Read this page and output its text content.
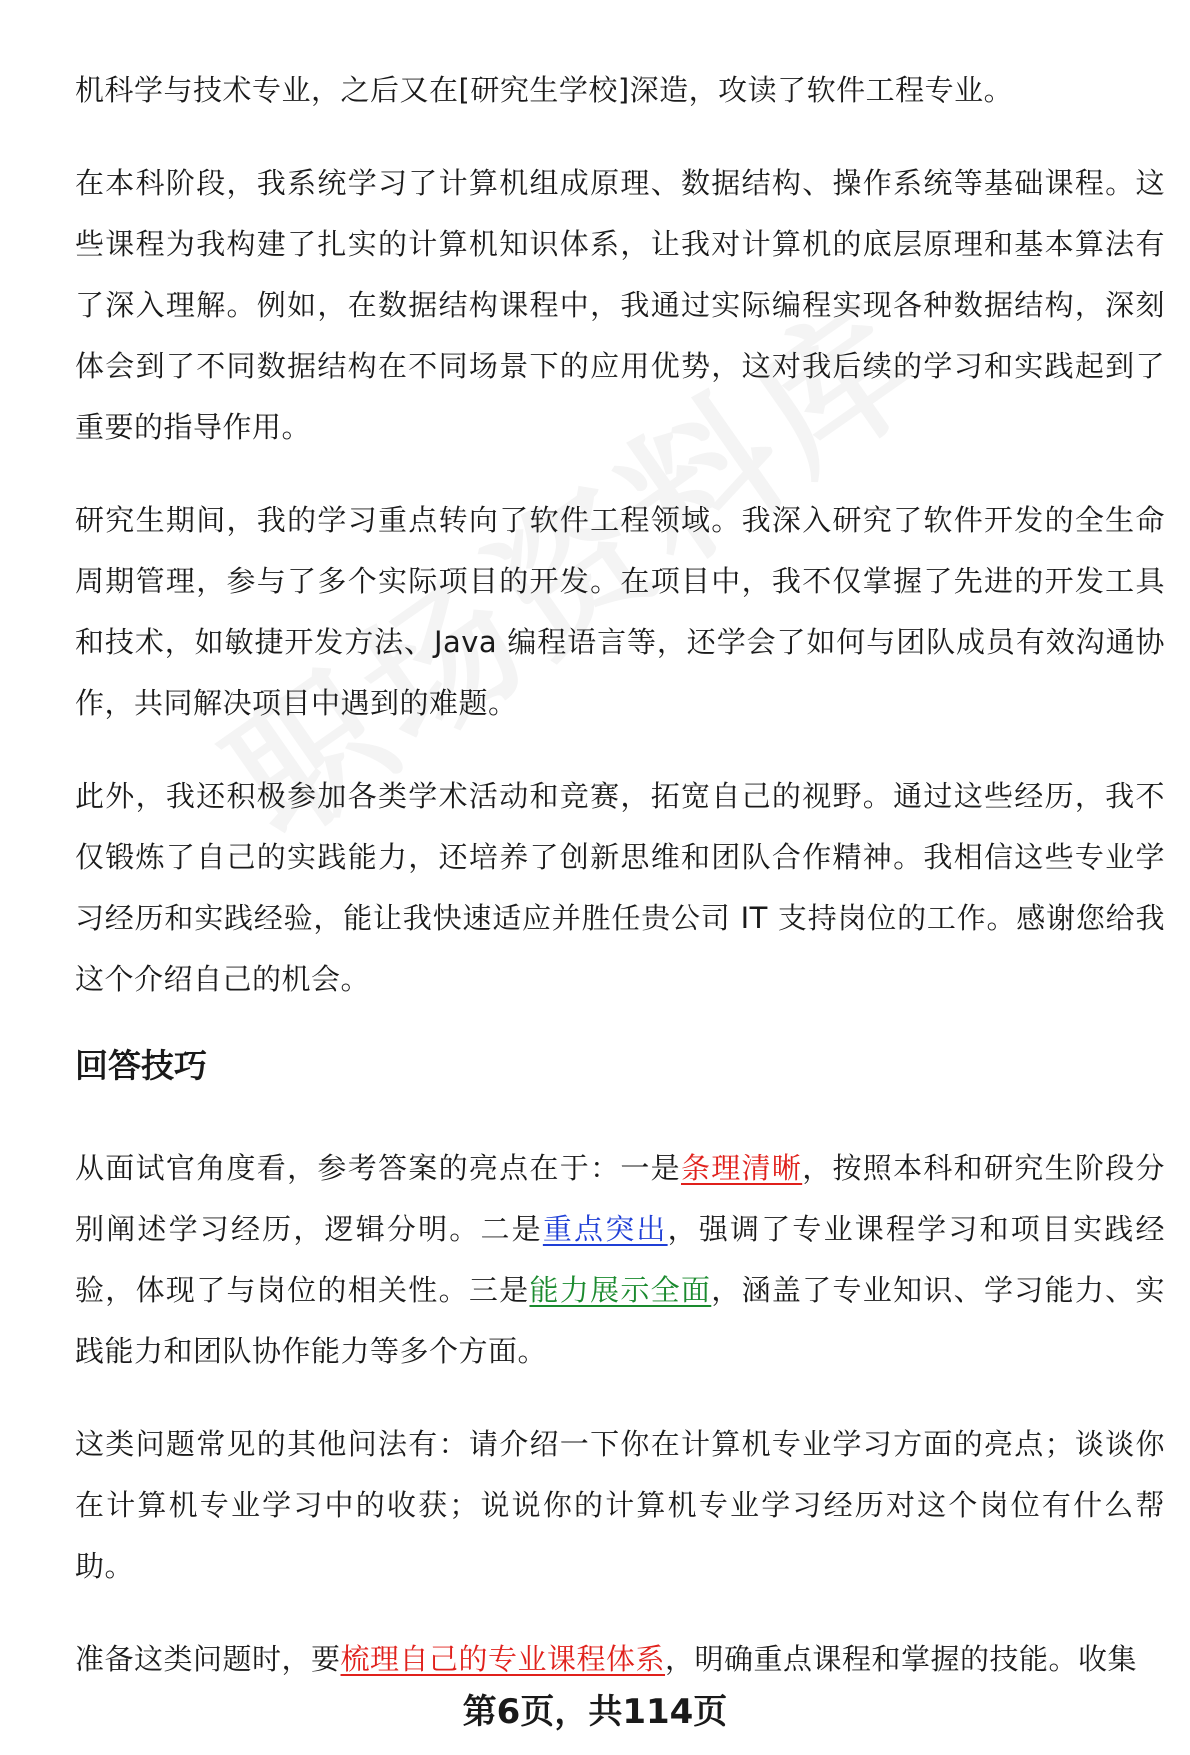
机科学与技术专业，之后又在[研究生学校]深造，攻读了软件工程专业。

在本科阶段，我系统学习了计算机组成原理、数据结构、操作系统等基础课程。这些课程为我构建了扎实的计算机知识体系，让我对计算机的底层原理和基本算法有了深入理解。例如，在数据结构课程中，我通过实际编程实现各种数据结构，深刻体会到了不同数据结构在不同场景下的应用优势，这对我后续的学习和实践起到了重要的指导作用。

研究生期间，我的学习重点转向了软件工程领域。我深入研究了软件开发的全生命周期管理，参与了多个实际项目的开发。在项目中，我不仅掌握了先进的开发工具和技术，如敏捷开发方法、Java 编程语言等，还学会了如何与团队成员有效沟通协作，共同解决项目中遇到的难题。

此外，我还积极参加各类学术活动和竞赛，拓宽自己的视野。通过这些经历，我不仅锻炼了自己的实践能力，还培养了创新思维和团队合作精神。我相信这些专业学习经历和实践经验，能让我快速适应并胜任贵公司 IT 支持岗位的工作。感谢您给我这个介绍自己的机会。

回答技巧

从面试官角度看，参考答案的亮点在于：一是条理清晰，按照本科和研究生阶段分别阐述学习经历，逻辑分明。二是重点突出，强调了专业课程学习和项目实践经验，体现了与岗位的相关性。三是能力展示全面，涵盖了专业知识、学习能力、实践能力和团队协作能力等多个方面。

这类问题常见的其他问法有：请介绍一下你在计算机专业学习方面的亮点；谈谈你在计算机专业学习中的收获；说说你的计算机专业学习经历对这个岗位有什么帮助。

准备这类问题时，要梳理自己的专业课程体系，明确重点课程和掌握的技能。收集

第6页，共114页
